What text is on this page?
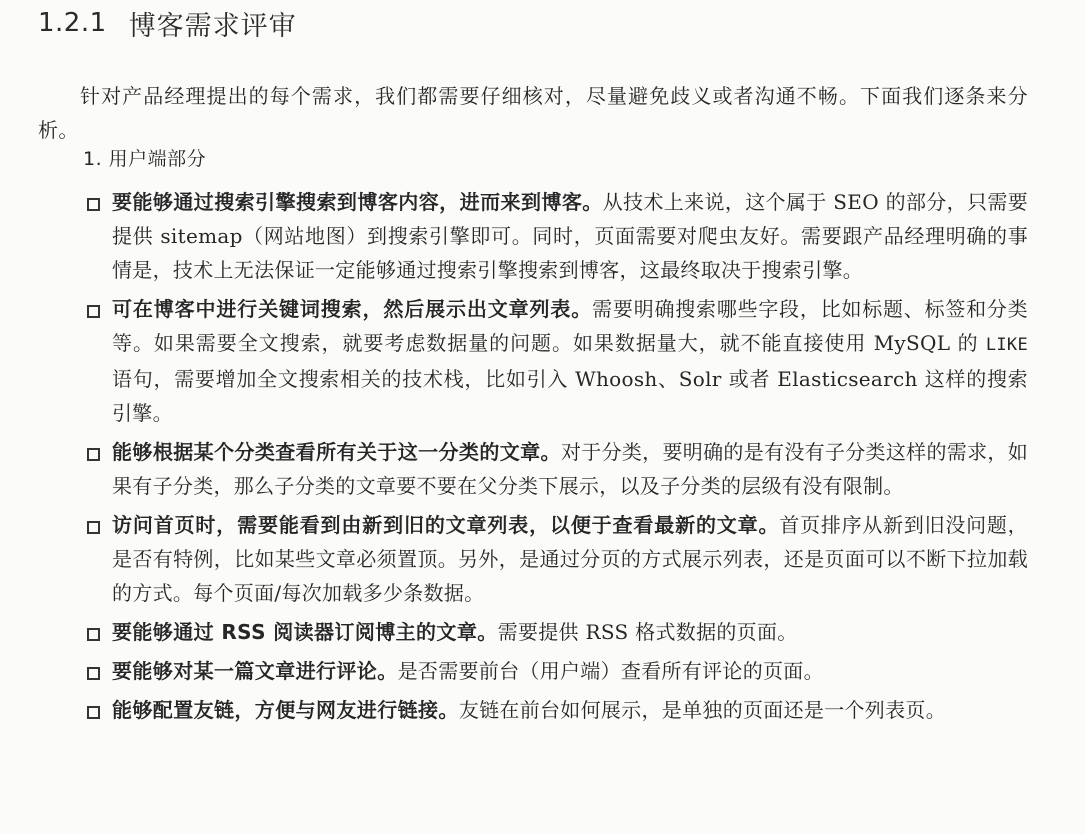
1.2.1 博客需求评审

针对产品经理提出的每个需求，我们都需要仔细核对，尽量避免歧义或者沟通不畅。下面我们逐条来分析。

1. 用户端部分
要能够通过搜索引擎搜索到博客内容，进而来到博客。从技术上来说，这个属于 SEO 的部分，只需要提供 sitemap（网站地图）到搜索引擎即可。同时，页面需要对爬虫友好。需要跟产品经理明确的事情是，技术上无法保证一定能够通过搜索引擎搜索到博客，这最终取决于搜索引擎。
可在博客中进行关键词搜索，然后展示出文章列表。需要明确搜索哪些字段，比如标题、标签和分类等。如果需要全文搜索，就要考虑数据量的问题。如果数据量大，就不能直接使用 MySQL 的 LIKE 语句，需要增加全文搜索相关的技术栈，比如引入 Whoosh、Solr 或者 Elasticsearch 这样的搜索引擎。
能够根据某个分类查看所有关于这一分类的文章。对于分类，要明确的是有没有子分类这样的需求，如果有子分类，那么子分类的文章要不要在父分类下展示，以及子分类的层级有没有限制。
访问首页时，需要能看到由新到旧的文章列表，以便于查看最新的文章。首页排序从新到旧没问题，是否有特例，比如某些文章必须置顶。另外，是通过分页的方式展示列表，还是页面可以不断下拉加载的方式。每个页面/每次加载多少条数据。
要能够通过 RSS 阅读器订阅博主的文章。需要提供 RSS 格式数据的页面。
要能够对某一篇文章进行评论。是否需要前台（用户端）查看所有评论的页面。
能够配置友链，方便与网友进行链接。友链在前台如何展示，是单独的页面还是一个列表页。
